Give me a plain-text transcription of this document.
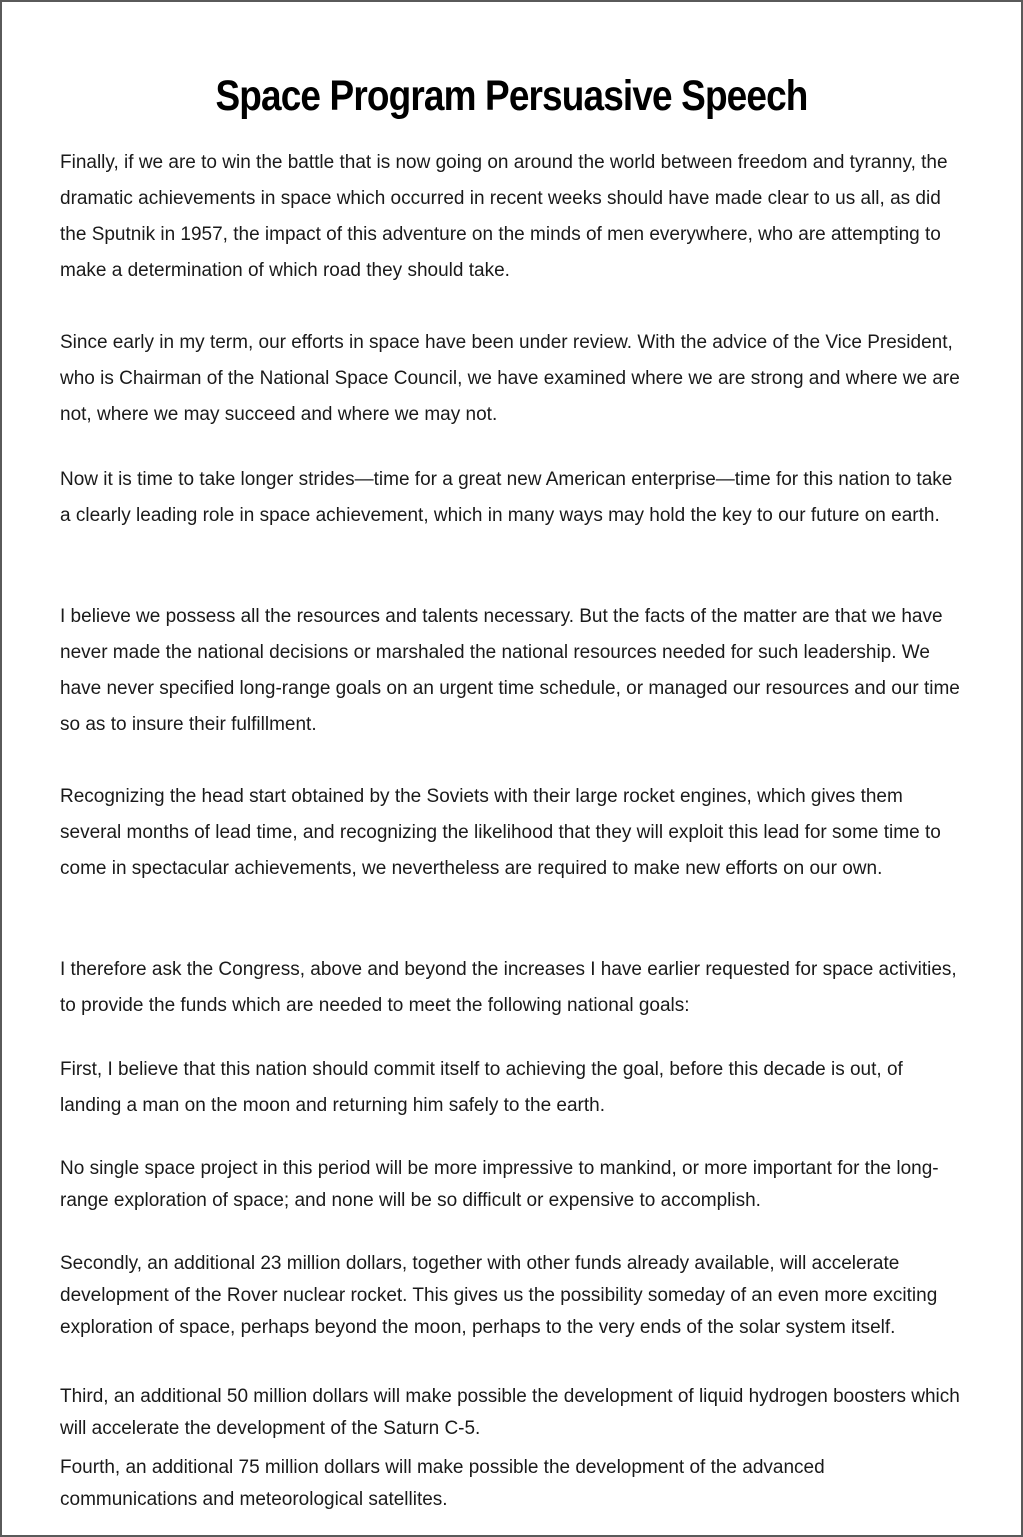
Space Program Persuasive Speech

Finally, if we are to win the battle that is now going on around the world between freedom and tyranny, the dramatic achievements in space which occurred in recent weeks should have made clear to us all, as did the Sputnik in 1957, the impact of this adventure on the minds of men everywhere, who are attempting to make a determination of which road they should take.

Since early in my term, our efforts in space have been under review. With the advice of the Vice President, who is Chairman of the National Space Council, we have examined where we are strong and where we are not, where we may succeed and where we may not.

Now it is time to take longer strides—time for a great new American enterprise—time for this nation to take a clearly leading role in space achievement, which in many ways may hold the key to our future on earth.

I believe we possess all the resources and talents necessary. But the facts of the matter are that we have never made the national decisions or marshaled the national resources needed for such leadership. We have never specified long-range goals on an urgent time schedule, or managed our resources and our time so as to insure their fulfillment.

Recognizing the head start obtained by the Soviets with their large rocket engines, which gives them several months of lead time, and recognizing the likelihood that they will exploit this lead for some time to come in spectacular achievements, we nevertheless are required to make new efforts on our own.

I therefore ask the Congress, above and beyond the increases I have earlier requested for space activities, to provide the funds which are needed to meet the following national goals:

First, I believe that this nation should commit itself to achieving the goal, before this decade is out, of landing a man on the moon and returning him safely to the earth.

No single space project in this period will be more impressive to mankind, or more important for the long-range exploration of space; and none will be so difficult or expensive to accomplish.

Secondly, an additional 23 million dollars, together with other funds already available, will accelerate development of the Rover nuclear rocket. This gives us the possibility someday of an even more exciting exploration of space, perhaps beyond the moon, perhaps to the very ends of the solar system itself.

Third, an additional 50 million dollars will make possible the development of liquid hydrogen boosters which will accelerate the development of the Saturn C-5.

Fourth, an additional 75 million dollars will make possible the development of the advanced communications and meteorological satellites.
